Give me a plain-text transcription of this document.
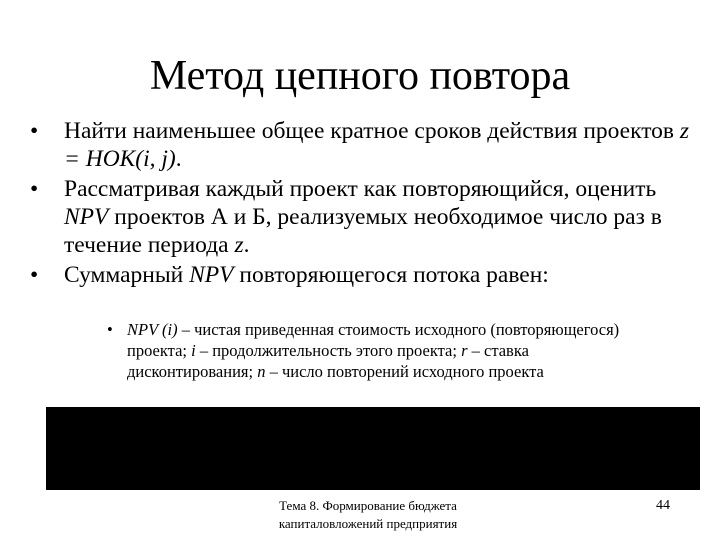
Метод цепного повтора
• Найти наименьшее общее кратное сроков действия проектов z = НОК(i, j).
• Рассматривая каждый проект как повторяющийся, оценить NPV проектов А и Б, реализуемых необходимое число раз в течение периода z.
• Суммарный NPV повторяющегося потока равен:
• NPV (i) – чистая приведенная стоимость исходного (повторяющегося) проекта; i – продолжительность этого проекта; r – ставка дисконтирования; n – число повторений исходного проекта
Тема 8. Формирование бюджета
капиталовложений предприятия
44
